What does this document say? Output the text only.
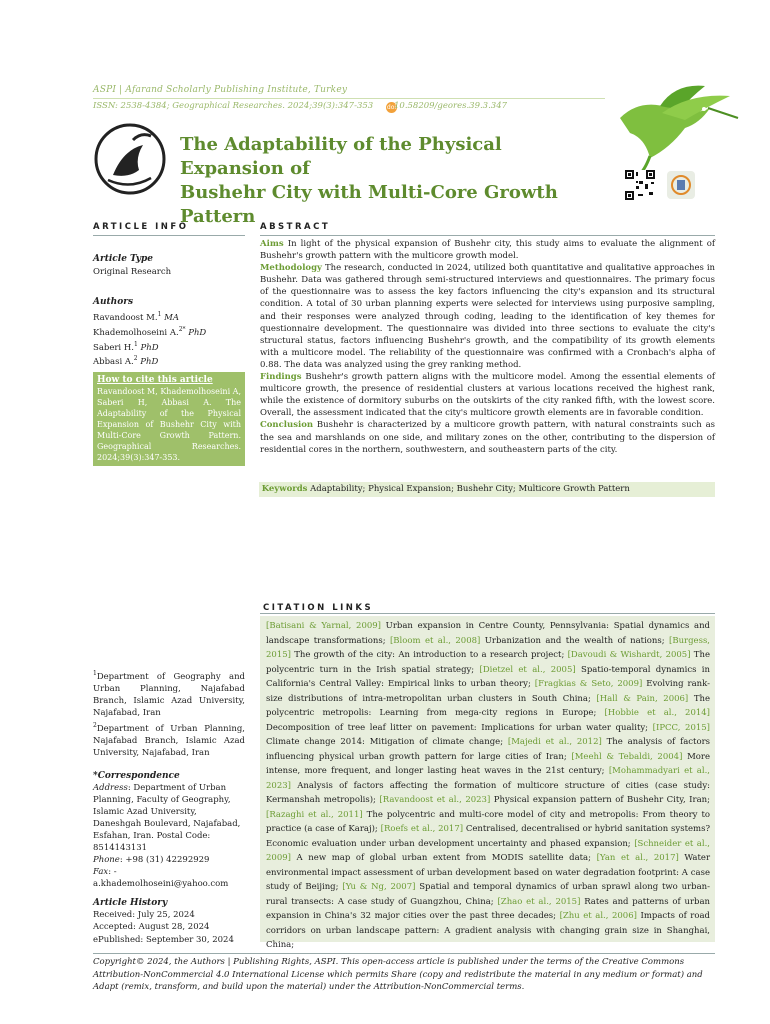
ASPI | Afarand Scholarly Publishing Institute, Turkey
ISSN: 2538-4384; Geographical Researches. 2024;39(3):347-353 doi
10.58209/geores.39.3.347
The Adaptability of the Physical Expansion of
Bushehr City with Multi-Core Growth Pattern
ARTICLE INFO
Article Type
Original Research
Authors
Ravandoost M.$^1$ MA
Khademolhoseini A.$^{2*}$ PhD
Saberi H.$^1$ PhD
Abbasi A.$^2$ PhD
How to cite this article
Ravandoost M, Khademolhoseini A, Saberi H, Abbasi A. The Adaptability of the Physical Expansion of Bushehr City with Multi-Core Growth Pattern. Geographical Researches. 2024;39(3):347-353.
ABSTRACT
Aims In light of the physical expansion of Bushehr city, this study aims to evaluate the alignment of Bushehr's growth pattern with the multicore growth model.
Methodology The research, conducted in 2024, utilized both quantitative and qualitative approaches in Bushehr. Data was gathered through semi-structured interviews and questionnaires. The primary focus of the questionnaire was to assess the key factors influencing the city's expansion and its structural condition. A total of 30 urban planning experts were selected for interviews using purposive sampling, and their responses were analyzed through coding, leading to the identification of key themes for questionnaire development. The questionnaire was divided into three sections to evaluate the city's structural status, factors influencing Bushehr's growth, and the compatibility of its growth elements with a multicore model. The reliability of the questionnaire was confirmed with a Cronbach's alpha of 0.88. The data was analyzed using the grey ranking method.
Findings Bushehr's growth pattern aligns with the multicore model. Among the essential elements of multicore growth, the presence of residential clusters at various locations received the highest rank, while the existence of dormitory suburbs on the outskirts of the city ranked fifth, with the lowest score. Overall, the assessment indicated that the city's multicore growth elements are in favorable condition.
Conclusion Bushehr is characterized by a multicore growth pattern, with natural constraints such as the sea and marshlands on one side, and military zones on the other, contributing to the dispersion of residential cores in the northern, southwestern, and southeastern parts of the city.
Keywords Adaptability; Physical Expansion; Bushehr City; Multicore Growth Pattern
CITATION LINKS
[Batisani & Yarnal, 2009] Urban expansion in Centre County, Pennsylvania: Spatial dynamics and landscape transformations; [Bloom et al., 2008] Urbanization and the wealth of nations; [Burgess, 2015] The growth of the city: An introduction to a research project; [Davoudi & Wishardt, 2005] The polycentric turn in the Irish spatial strategy; [Dietzel et al., 2005] Spatio-temporal dynamics in California's Central Valley: Empirical links to urban theory; [Fragkias & Seto, 2009] Evolving rank-size distributions of intra-metropolitan urban clusters in South China; [Hall & Pain, 2006] The polycentric metropolis: Learning from mega-city regions in Europe; [Hobbie et al., 2014] Decomposition of tree leaf litter on pavement: Implications for urban water quality; [IPCC, 2015] Climate change 2014: Mitigation of climate change; [Majedi et al., 2012] The analysis of factors influencing physical urban growth pattern for large cities of Iran; [Meehl & Tebaldi, 2004] More intense, more frequent, and longer lasting heat waves in the 21st century; [Mohammadyari et al., 2023] Analysis of factors affecting the formation of multicore structure of cities (case study: Kermanshah metropolis); [Ravandoost et al., 2023] Physical expansion pattern of Bushehr City, Iran; [Razaghi et al., 2011] The polycentric and multi-core model of city and metropolis: From theory to practice (a case of Karaj); [Roefs et al., 2017] Centralised, decentralised or hybrid sanitation systems? Economic evaluation under urban development uncertainty and phased expansion; [Schneider et al., 2009] A new map of global urban extent from MODIS satellite data; [Yan et al., 2017] Water environmental impact assessment of urban development based on water degradation footprint: A case study of Beijing; [Yu & Ng, 2007] Spatial and temporal dynamics of urban sprawl along two urban-rural transects: A case study of Guangzhou, China; [Zhao et al., 2015] Rates and patterns of urban expansion in China's 32 major cities over the past three decades; [Zhu et al., 2006] Impacts of road corridors on urban landscape pattern: A gradient analysis with changing grain size in Shanghai, China;
$^1$Department of Geography and Urban Planning, Najafabad Branch, Islamic Azad University, Najafabad, Iran
$^2$Department of Urban Planning, Najafabad Branch, Islamic Azad University, Najafabad, Iran
*Correspondence
Address: Department of Urban Planning, Faculty of Geography, Islamic Azad University, Daneshgah Boulevard, Najafabad, Esfahan, Iran. Postal Code: 8514143131
Phone: +98 (31) 42292929
Fax: -
a.khademolhoseini@yahoo.com
Article History
Received: July 25, 2024
Accepted: August 28, 2024
ePublished: September 30, 2024
Copyright© 2024, the Authors | Publishing Rights, ASPI. This open-access article is published under the terms of the Creative Commons Attribution-NonCommercial 4.0 International License which permits Share (copy and redistribute the material in any medium or format) and Adapt (remix, transform, and build upon the material) under the Attribution-NonCommercial terms.
